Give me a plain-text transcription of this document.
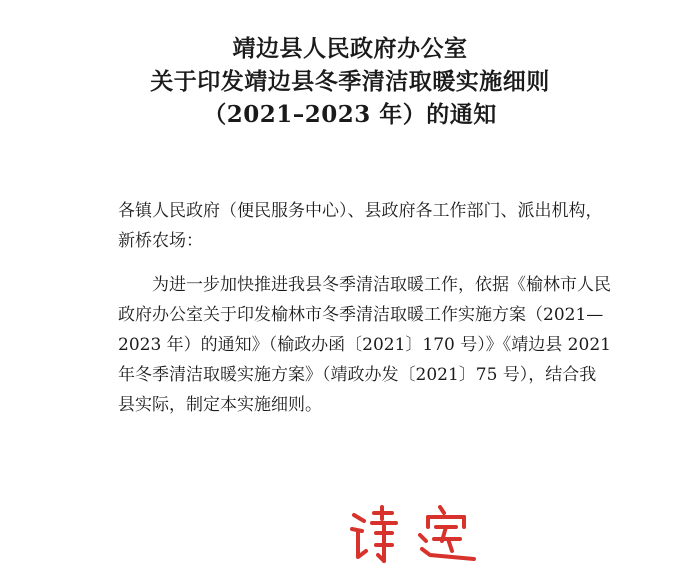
靖边县人民政府办公室
关于印发靖边县冬季清洁取暖实施细则
（2021–2023 年）的通知
各镇人民政府（便民服务中心）、县政府各工作部门、派出机构，
新桥农场：
为进一步加快推进我县冬季清洁取暖工作，依据《榆林市人民
政府办公室关于印发榆林市冬季清洁取暖工作实施方案（2021—
2023 年）的通知》（榆政办函〔2021〕170 号）》《靖边县 2021
年冬季清洁取暖实施方案》（靖政办发〔2021〕75 号），结合我
县实际，制定本实施细则。
